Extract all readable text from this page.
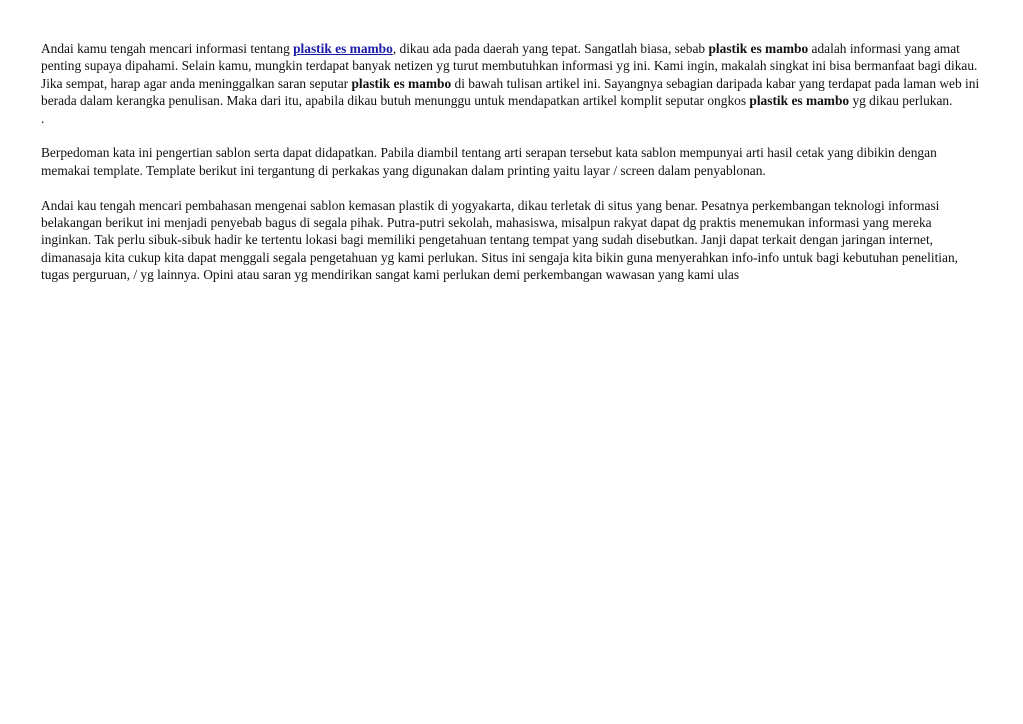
Andai kamu tengah mencari informasi tentang plastik es mambo, dikau ada pada daerah yang tepat. Sangatlah biasa, sebab plastik es mambo adalah informasi yang amat penting supaya dipahami. Selain kamu, mungkin terdapat banyak netizen yg turut membutuhkan informasi yg ini. Kami ingin, makalah singkat ini bisa bermanfaat bagi dikau. Jika sempat, harap agar anda meninggalkan saran seputar plastik es mambo di bawah tulisan artikel ini. Sayangnya sebagian daripada kabar yang terdapat pada laman web ini berada dalam kerangka penulisan. Maka dari itu, apabila dikau butuh menunggu untuk mendapatkan artikel komplit seputar ongkos plastik es mambo yg dikau perlukan.

.

Berpedoman kata ini pengertian sablon serta dapat didapatkan. Pabila diambil tentang arti serapan tersebut kata sablon mempunyai arti hasil cetak yang dibikin dengan memakai template. Template berikut ini tergantung di perkakas yang digunakan dalam printing yaitu layar / screen dalam penyablonan.

Andai kau tengah mencari pembahasan mengenai sablon kemasan plastik di yogyakarta, dikau terletak di situs yang benar. Pesatnya perkembangan teknologi informasi belakangan berikut ini menjadi penyebab bagus di segala pihak. Putra-putri sekolah, mahasiswa, misalpun rakyat dapat dg praktis menemukan informasi yang mereka inginkan. Tak perlu sibuk-sibuk hadir ke tertentu lokasi bagi memiliki pengetahuan tentang tempat yang sudah disebutkan. Janji dapat terkait dengan jaringan internet, dimanasaja kita cukup kita dapat menggali segala pengetahuan yg kami perlukan. Situs ini sengaja kita bikin guna menyerahkan info-info untuk bagi kebutuhan penelitian, tugas perguruan, / yg lainnya. Opini atau saran yg mendirikan sangat kami perlukan demi perkembangan wawasan yang kami ulas
